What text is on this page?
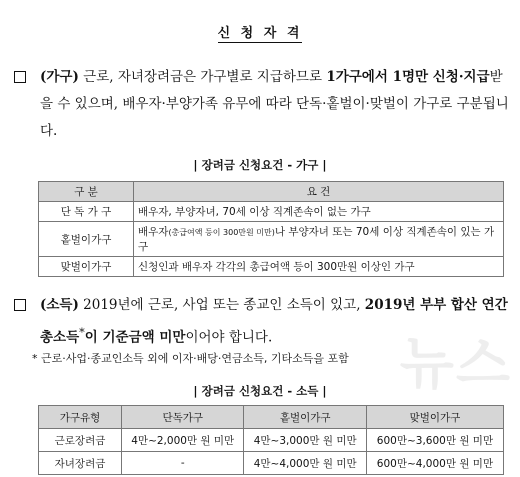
신 청 자 격
(가구) 근로, 자녀장려금은 가구별로 지급하므로 1가구에서 1명만 신청·지급받을 수 있으며, 배우자·부양가족 유무에 따라 단독·홑벌이·맞벌이 가구로 구분됩니다.
| 장려금 신청요건 - 가구 |
구 분	요 건
단 독 가 구	배우자, 부양자녀, 70세 이상 직계존속이 없는 가구
홑벌이가구	배우자(총급여액 등이 300만원 미만)나 부양자녀 또는 70세 이상 직계존속이 있는 가구
맞벌이가구	신청인과 배우자 각각의 총급여액 등이 300만원 이상인 가구
(소득) 2019년에 근로, 사업 또는 종교인 소득이 있고, 2019년 부부 합산 연간 총소득*이 기준금액 미만이어야 합니다.
* 근로·사업·종교인소득 외에 이자·배당·연금소득, 기타소득을 포함
| 장려금 신청요건 - 소득 |
가구유형	단독가구	홑벌이가구	맞벌이가구
근로장려금	4만~2,000만 원 미만	4만~3,000만 원 미만	600만~3,600만 원 미만
자녀장려금	-	4만~4,000만 원 미만	600만~4,000만 원 미만
뉴스
